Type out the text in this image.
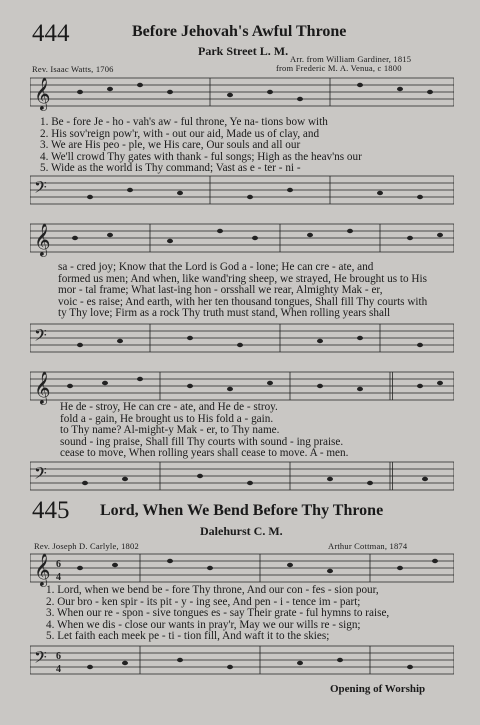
444	Before Jehovah's Awful Throne
Park Street L. M.
Arr. from William Gardiner, 1815
Rev. Isaac Watts, 1706	from Frederic M. A. Venua, c 1800
𝄞
1. Be - fore Je - ho - vah's aw - ful throne, Ye na- tions bow with
2. His sov'reign pow'r, with - out our aid, Made us of clay, and
3. We are His peo - ple, we His care, Our souls and all our
4. We'll crowd Thy gates with thank - ful songs; High as the heav'ns our
5. Wide as the world is Thy command; Vast as e - ter - ni -
𝄢
𝄞
sa - cred joy; Know that the Lord is God a - lone; He can cre - ate, and
formed us men; And when, like wand'ring sheep, we strayed, He brought us to His
mor - tal frame; What last-ing hon - orsshall we rear, Almighty Mak - er,
voic - es raise; And earth, with her ten thousand tongues, Shall fill Thy courts with
ty Thy love; Firm as a rock Thy truth must stand, When rolling years shall
𝄢
𝄞
He de - stroy, He can cre - ate, and He de - stroy.
fold a - gain, He brought us to His fold a - gain.
to Thy name? Al-might-y Mak - er, to Thy name.
sound - ing praise, Shall fill Thy courts with sound - ing praise.
cease to move, When rolling years shall cease to move. A - men.
𝄢
445 Lord, When We Bend Before Thy Throne
Dalehurst C. M.
Rev. Joseph D. Carlyle, 1802	Arthur Cottman, 1874
𝄞 6
4
1. Lord, when we bend be - fore Thy throne, And our con - fes - sion pour,
2. Our bro - ken spir - its pit - y - ing see, And pen - i - tence im - part;
3. When our re - spon - sive tongues es - say Their grate - ful hymns to raise,
4. When we dis - close our wants in pray'r, May we our wills re - sign;
5. Let faith each meek pe - ti - tion fill, And waft it to the skies;
𝄢 6
4
Opening of Worship
